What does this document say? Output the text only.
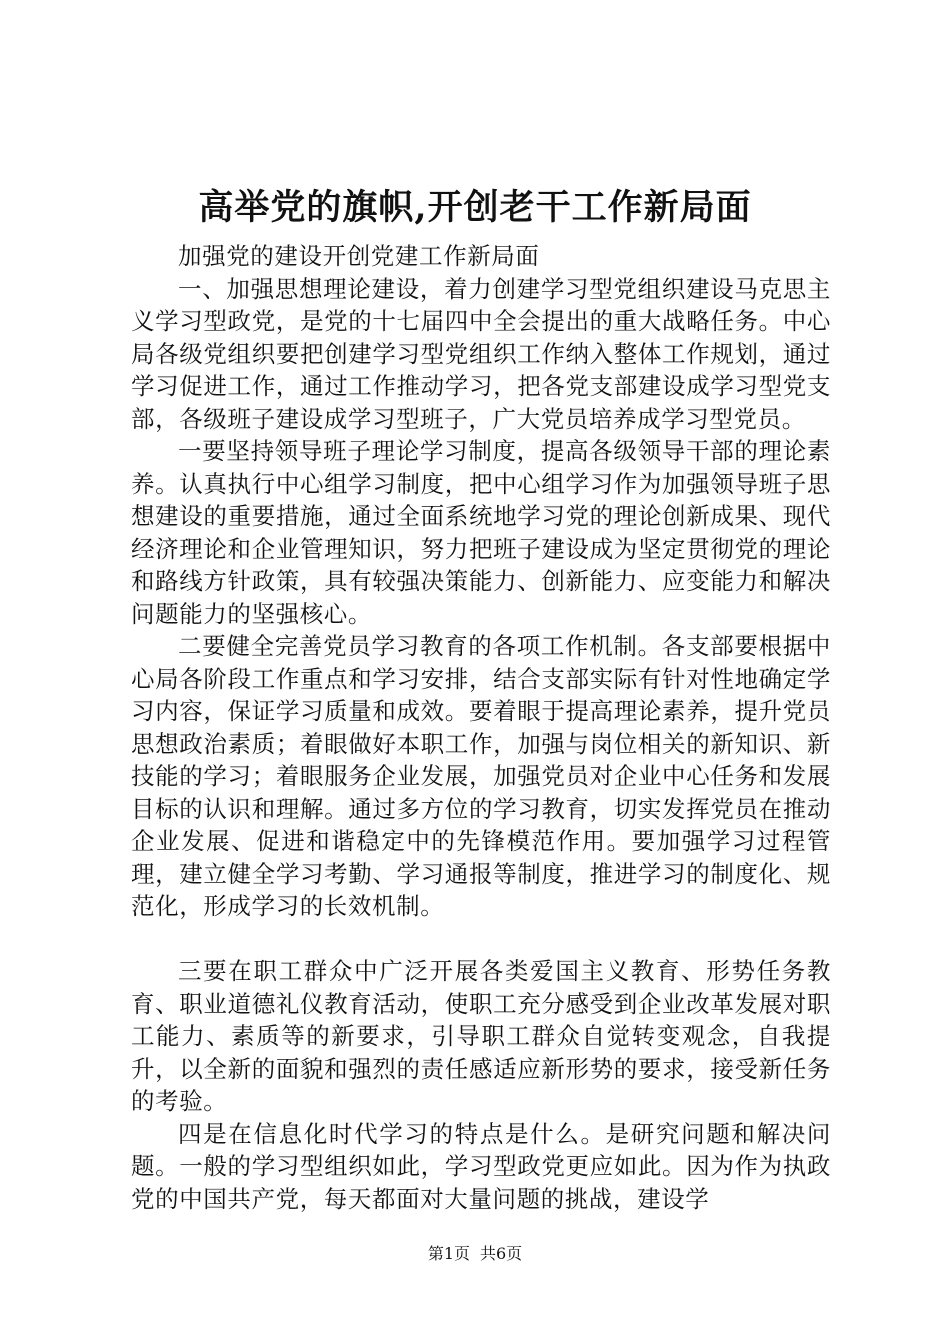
高举党的旗帜,开创老干工作新局面

加强党的建设开创党建工作新局面

一、加强思想理论建设，着力创建学习型党组织建设马克思主义学习型政党，是党的十七届四中全会提出的重大战略任务。中心局各级党组织要把创建学习型党组织工作纳入整体工作规划，通过学习促进工作，通过工作推动学习，把各党支部建设成学习型党支部，各级班子建设成学习型班子，广大党员培养成学习型党员。

一要坚持领导班子理论学习制度，提高各级领导干部的理论素养。认真执行中心组学习制度，把中心组学习作为加强领导班子思想建设的重要措施，通过全面系统地学习党的理论创新成果、现代经济理论和企业管理知识，努力把班子建设成为坚定贯彻党的理论和路线方针政策，具有较强决策能力、创新能力、应变能力和解决问题能力的坚强核心。

二要健全完善党员学习教育的各项工作机制。各支部要根据中心局各阶段工作重点和学习安排，结合支部实际有针对性地确定学习内容，保证学习质量和成效。要着眼于提高理论素养，提升党员思想政治素质；着眼做好本职工作，加强与岗位相关的新知识、新技能的学习；着眼服务企业发展，加强党员对企业中心任务和发展目标的认识和理解。通过多方位的学习教育，切实发挥党员在推动企业发展、促进和谐稳定中的先锋模范作用。要加强学习过程管理，建立健全学习考勤、学习通报等制度，推进学习的制度化、规范化，形成学习的长效机制。

三要在职工群众中广泛开展各类爱国主义教育、形势任务教育、职业道德礼仪教育活动，使职工充分感受到企业改革发展对职工能力、素质等的新要求，引导职工群众自觉转变观念，自我提升，以全新的面貌和强烈的责任感适应新形势的要求，接受新任务的考验。

四是在信息化时代学习的特点是什么。是研究问题和解决问题。一般的学习型组织如此，学习型政党更应如此。因为作为执政党的中国共产党，每天都面对大量问题的挑战，建设学

第1页 共6页
